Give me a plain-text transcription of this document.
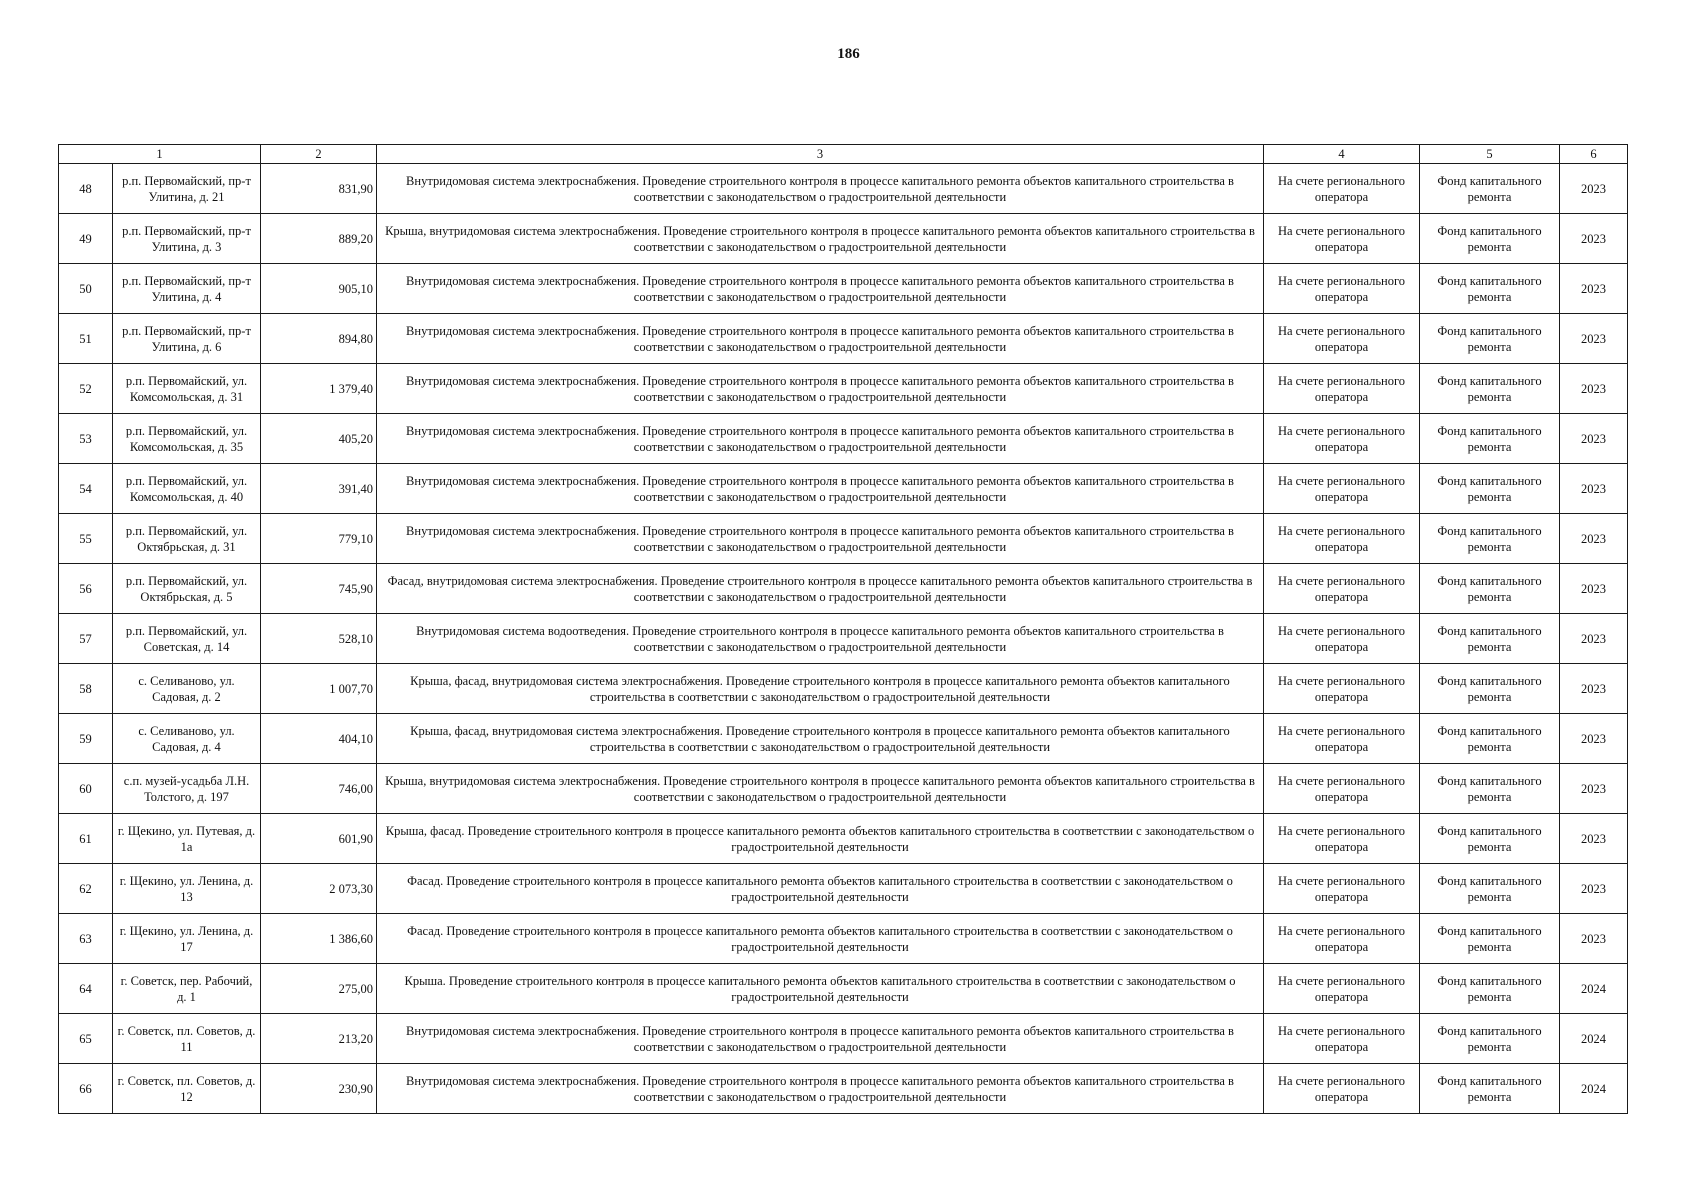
186
1		2	3	4	5	6
48	р.п. Первомайский, пр-т Улитина, д. 21	831,90	Внутридомовая система электроснабжения. Проведение строительного контроля в процессе капитального ремонта объектов капитального строительства в соответствии с законодательством о градостроительной деятельности	На счете регионального оператора	Фонд капитального ремонта	2023
49	р.п. Первомайский, пр-т Улитина, д. 3	889,20	Крыша, внутридомовая система электроснабжения. Проведение строительного контроля в процессе капитального ремонта объектов капитального строительства в соответствии с законодательством о градостроительной деятельности	На счете регионального оператора	Фонд капитального ремонта	2023
50	р.п. Первомайский, пр-т Улитина, д. 4	905,10	Внутридомовая система электроснабжения. Проведение строительного контроля в процессе капитального ремонта объектов капитального строительства в соответствии с законодательством о градостроительной деятельности	На счете регионального оператора	Фонд капитального ремонта	2023
51	р.п. Первомайский, пр-т Улитина, д. 6	894,80	Внутридомовая система электроснабжения. Проведение строительного контроля в процессе капитального ремонта объектов капитального строительства в соответствии с законодательством о градостроительной деятельности	На счете регионального оператора	Фонд капитального ремонта	2023
52	р.п. Первомайский, ул. Комсомольская, д. 31	1 379,40	Внутридомовая система электроснабжения. Проведение строительного контроля в процессе капитального ремонта объектов капитального строительства в соответствии с законодательством о градостроительной деятельности	На счете регионального оператора	Фонд капитального ремонта	2023
53	р.п. Первомайский, ул. Комсомольская, д. 35	405,20	Внутридомовая система электроснабжения. Проведение строительного контроля в процессе капитального ремонта объектов капитального строительства в соответствии с законодательством о градостроительной деятельности	На счете регионального оператора	Фонд капитального ремонта	2023
54	р.п. Первомайский, ул. Комсомольская, д. 40	391,40	Внутридомовая система электроснабжения. Проведение строительного контроля в процессе капитального ремонта объектов капитального строительства в соответствии с законодательством о градостроительной деятельности	На счете регионального оператора	Фонд капитального ремонта	2023
55	р.п. Первомайский, ул. Октябрьская, д. 31	779,10	Внутридомовая система электроснабжения. Проведение строительного контроля в процессе капитального ремонта объектов капитального строительства в соответствии с законодательством о градостроительной деятельности	На счете регионального оператора	Фонд капитального ремонта	2023
56	р.п. Первомайский, ул. Октябрьская, д. 5	745,90	Фасад, внутридомовая система электроснабжения. Проведение строительного контроля в процессе капитального ремонта объектов капитального строительства в соответствии с законодательством о градостроительной деятельности	На счете регионального оператора	Фонд капитального ремонта	2023
57	р.п. Первомайский, ул. Советская, д. 14	528,10	Внутридомовая система водоотведения. Проведение строительного контроля в процессе капитального ремонта объектов капитального строительства в соответствии с законодательством о градостроительной деятельности	На счете регионального оператора	Фонд капитального ремонта	2023
58	с. Селиваново, ул. Садовая, д. 2	1 007,70	Крыша, фасад, внутридомовая система электроснабжения. Проведение строительного контроля в процессе капитального ремонта объектов капитального строительства в соответствии с законодательством о градостроительной деятельности	На счете регионального оператора	Фонд капитального ремонта	2023
59	с. Селиваново, ул. Садовая, д. 4	404,10	Крыша, фасад, внутридомовая система электроснабжения. Проведение строительного контроля в процессе капитального ремонта объектов капитального строительства в соответствии с законодательством о градостроительной деятельности	На счете регионального оператора	Фонд капитального ремонта	2023
60	с.п. музей-усадьба Л.Н. Толстого, д. 197	746,00	Крыша, внутридомовая система электроснабжения. Проведение строительного контроля в процессе капитального ремонта объектов капитального строительства в соответствии с законодательством о градостроительной деятельности	На счете регионального оператора	Фонд капитального ремонта	2023
61	г. Щекино, ул. Путевая, д. 1а	601,90	Крыша, фасад. Проведение строительного контроля в процессе капитального ремонта объектов капитального строительства в соответствии с законодательством о градостроительной деятельности	На счете регионального оператора	Фонд капитального ремонта	2023
62	г. Щекино, ул. Ленина, д. 13	2 073,30	Фасад. Проведение строительного контроля в процессе капитального ремонта объектов капитального строительства в соответствии с законодательством о градостроительной деятельности	На счете регионального оператора	Фонд капитального ремонта	2023
63	г. Щекино, ул. Ленина, д. 17	1 386,60	Фасад. Проведение строительного контроля в процессе капитального ремонта объектов капитального строительства в соответствии с законодательством о градостроительной деятельности	На счете регионального оператора	Фонд капитального ремонта	2023
64	г. Советск, пер. Рабочий, д. 1	275,00	Крыша. Проведение строительного контроля в процессе капитального ремонта объектов капитального строительства в соответствии с законодательством о градостроительной деятельности	На счете регионального оператора	Фонд капитального ремонта	2024
65	г. Советск, пл. Советов, д. 11	213,20	Внутридомовая система электроснабжения. Проведение строительного контроля в процессе капитального ремонта объектов капитального строительства в соответствии с законодательством о градостроительной деятельности	На счете регионального оператора	Фонд капитального ремонта	2024
66	г. Советск, пл. Советов, д. 12	230,90	Внутридомовая система электроснабжения. Проведение строительного контроля в процессе капитального ремонта объектов капитального строительства в соответствии с законодательством о градостроительной деятельности	На счете регионального оператора	Фонд капитального ремонта	2024
